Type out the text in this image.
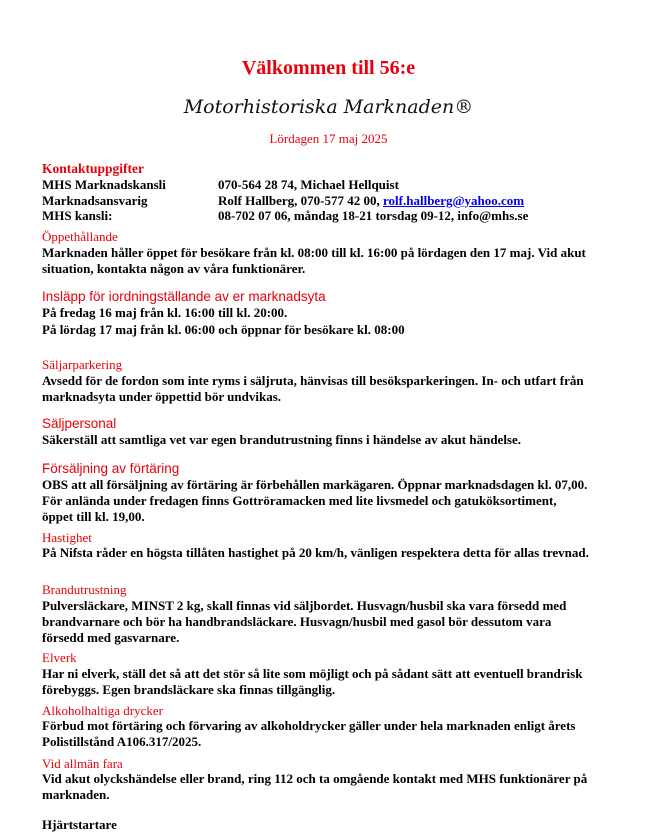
Välkommen till 56:e
Motorhistoriska Marknaden®
Lördagen 17 maj 2025
Kontaktuppgifter
MHS Marknadskansli	070-564 28 74, Michael Hellquist
Marknadsansvarig	Rolf Hallberg, 070-577 42 00, rolf.hallberg@yahoo.com
MHS kansli:	08-702 07 06, måndag 18-21 torsdag 09-12, info@mhs.se
Öppethållande
Marknaden håller öppet för besökare från kl. 08:00 till kl. 16:00 på lördagen den 17 maj. Vid akut
situation, kontakta någon av våra funktionärer.
Insläpp för iordningställande av er marknadsyta
På fredag 16 maj från kl. 16:00 till kl. 20:00.
På lördag 17 maj från kl. 06:00 och öppnar för besökare kl. 08:00
Säljarparkering
Avsedd för de fordon som inte ryms i säljruta, hänvisas till besöksparkeringen. In- och utfart från
marknadsyta under öppettid bör undvikas.
Säljpersonal
Säkerställ att samtliga vet var egen brandutrustning finns i händelse av akut händelse.
Försäljning av förtäring
OBS att all försäljning av förtäring är förbehållen markägaren. Öppnar marknadsdagen kl. 07,00.
För anlända under fredagen finns Gottröramacken med lite livsmedel och gatuköksortiment,
öppet till kl. 19,00.
Hastighet
På Nifsta råder en högsta tillåten hastighet på 20 km/h, vänligen respektera detta för allas trevnad.
Brandutrustning
Pulversläckare, MINST 2 kg, skall finnas vid säljbordet. Husvagn/husbil ska vara försedd med
brandvarnare och bör ha handbrandsläckare. Husvagn/husbil med gasol bör dessutom vara
försedd med gasvarnare.
Elverk
Har ni elverk, ställ det så att det stör så lite som möjligt och på sådant sätt att eventuell brandrisk
förebyggs. Egen brandsläckare ska finnas tillgänglig.
Alkoholhaltiga drycker
Förbud mot förtäring och förvaring av alkoholdrycker gäller under hela marknaden enligt årets
Polistillstånd A106.317/2025.
Vid allmän fara
Vid akut olyckshändelse eller brand, ring 112 och ta omgående kontakt med MHS funktionärer på
marknaden.
Hjärtstartare
